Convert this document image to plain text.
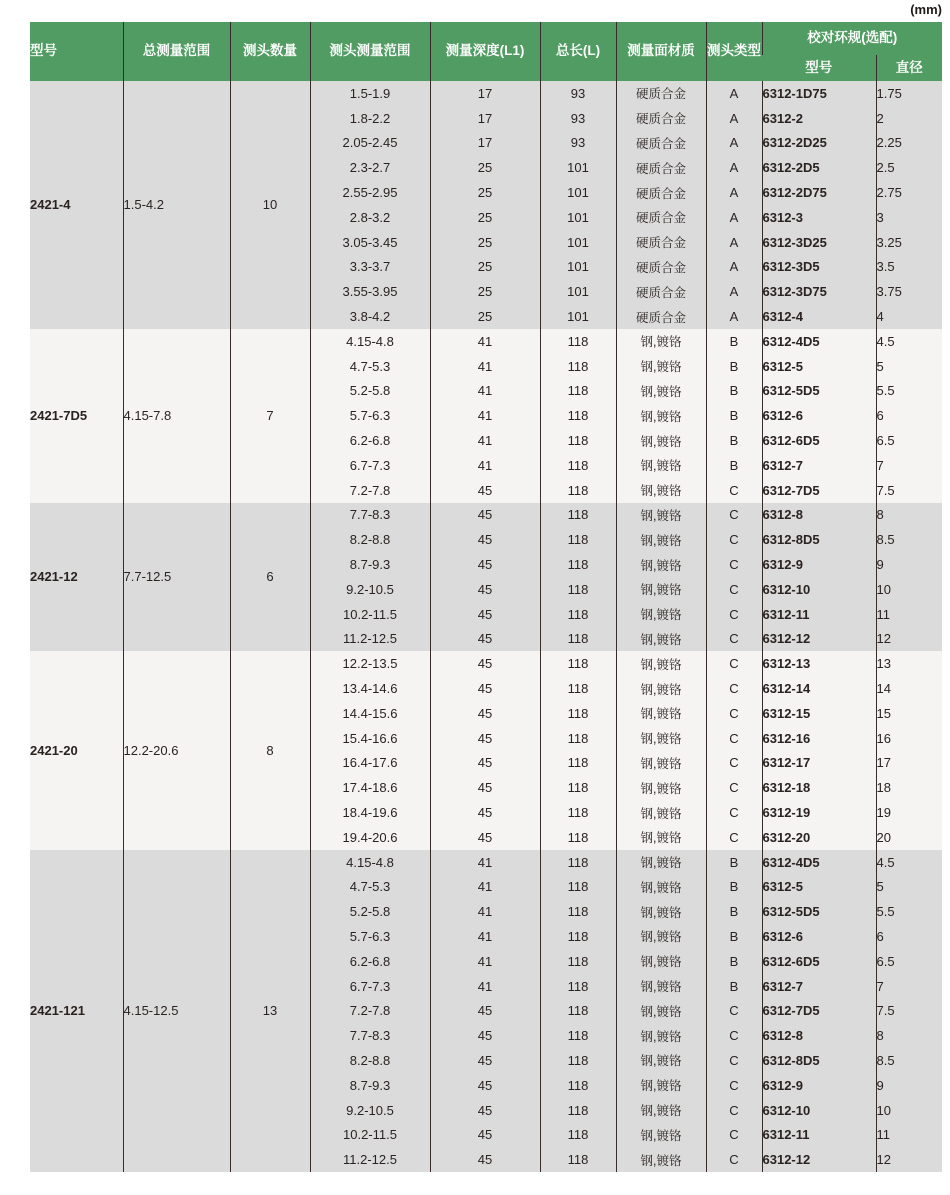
(mm)
型号	总测量范围	测头数量	测头测量范围	测量深度(L1)	总长(L)	测量面材质	测头类型	校对环规(选配)	
								型号	直径
2421-4	1.5-4.2	10	1.5-1.9	17	93	硬质合金	A	6312-1D75	1.75
			1.8-2.2	17	93	硬质合金	A	6312-2	2
			2.05-2.45	17	93	硬质合金	A	6312-2D25	2.25
			2.3-2.7	25	101	硬质合金	A	6312-2D5	2.5
			2.55-2.95	25	101	硬质合金	A	6312-2D75	2.75
			2.8-3.2	25	101	硬质合金	A	6312-3	3
			3.05-3.45	25	101	硬质合金	A	6312-3D25	3.25
			3.3-3.7	25	101	硬质合金	A	6312-3D5	3.5
			3.55-3.95	25	101	硬质合金	A	6312-3D75	3.75
			3.8-4.2	25	101	硬质合金	A	6312-4	4
2421-7D5	4.15-7.8	7	4.15-4.8	41	118	钢,镀铬	B	6312-4D5	4.5
			4.7-5.3	41	118	钢,镀铬	B	6312-5	5
			5.2-5.8	41	118	钢,镀铬	B	6312-5D5	5.5
			5.7-6.3	41	118	钢,镀铬	B	6312-6	6
			6.2-6.8	41	118	钢,镀铬	B	6312-6D5	6.5
			6.7-7.3	41	118	钢,镀铬	B	6312-7	7
			7.2-7.8	45	118	钢,镀铬	C	6312-7D5	7.5
2421-12	7.7-12.5	6	7.7-8.3	45	118	钢,镀铬	C	6312-8	8
			8.2-8.8	45	118	钢,镀铬	C	6312-8D5	8.5
			8.7-9.3	45	118	钢,镀铬	C	6312-9	9
			9.2-10.5	45	118	钢,镀铬	C	6312-10	10
			10.2-11.5	45	118	钢,镀铬	C	6312-11	11
			11.2-12.5	45	118	钢,镀铬	C	6312-12	12
2421-20	12.2-20.6	8	12.2-13.5	45	118	钢,镀铬	C	6312-13	13
			13.4-14.6	45	118	钢,镀铬	C	6312-14	14
			14.4-15.6	45	118	钢,镀铬	C	6312-15	15
			15.4-16.6	45	118	钢,镀铬	C	6312-16	16
			16.4-17.6	45	118	钢,镀铬	C	6312-17	17
			17.4-18.6	45	118	钢,镀铬	C	6312-18	18
			18.4-19.6	45	118	钢,镀铬	C	6312-19	19
			19.4-20.6	45	118	钢,镀铬	C	6312-20	20
2421-121	4.15-12.5	13	4.15-4.8	41	118	钢,镀铬	B	6312-4D5	4.5
			4.7-5.3	41	118	钢,镀铬	B	6312-5	5
			5.2-5.8	41	118	钢,镀铬	B	6312-5D5	5.5
			5.7-6.3	41	118	钢,镀铬	B	6312-6	6
			6.2-6.8	41	118	钢,镀铬	B	6312-6D5	6.5
			6.7-7.3	41	118	钢,镀铬	B	6312-7	7
			7.2-7.8	45	118	钢,镀铬	C	6312-7D5	7.5
			7.7-8.3	45	118	钢,镀铬	C	6312-8	8
			8.2-8.8	45	118	钢,镀铬	C	6312-8D5	8.5
			8.7-9.3	45	118	钢,镀铬	C	6312-9	9
			9.2-10.5	45	118	钢,镀铬	C	6312-10	10
			10.2-11.5	45	118	钢,镀铬	C	6312-11	11
			11.2-12.5	45	118	钢,镀铬	C	6312-12	12
